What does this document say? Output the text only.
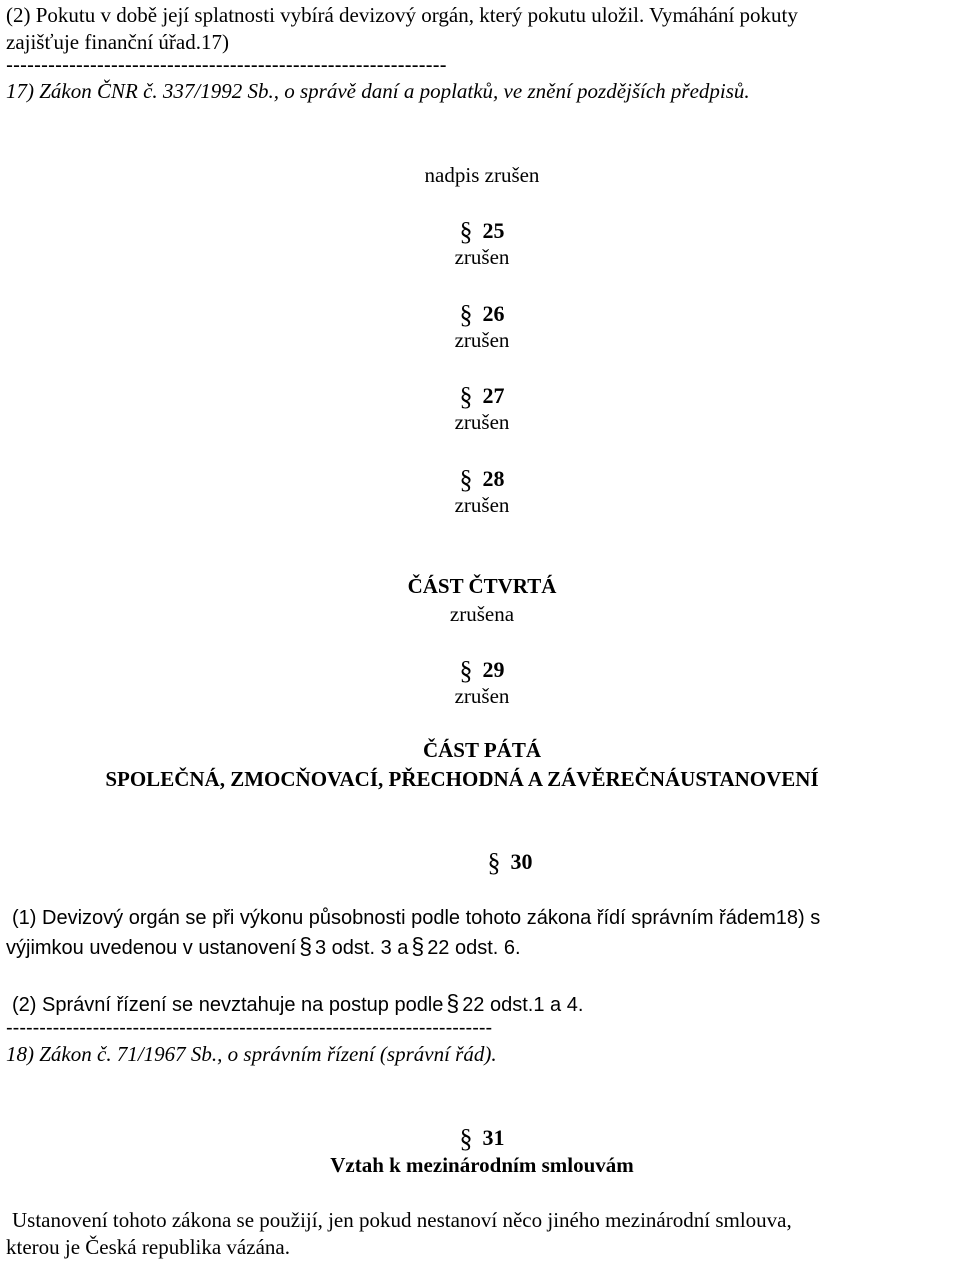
(2) Pokutu v době její splatnosti vybírá devizový orgán, který pokutu uložil. Vymáhání pokuty

zajišťuje finanční úřad.17)

---------------------------------------------------------------

17) Zákon ČNR č. 337/1992 Sb., o správě daní a poplatků, ve znění pozdějších předpisů.

nadpis zrušen

§ 25

zrušen

§ 26

zrušen

§ 27

zrušen

§ 28

zrušen

ČÁST ČTVRTÁ

zrušena

§ 29

zrušen

ČÁST PÁTÁ

SPOLEČNÁ, ZMOCŇOVACÍ, PŘECHODNÁ A ZÁVĚREČNÁUSTANOVENÍ

§ 30

(1) Devizový orgán se při výkonu působnosti podle tohoto zákona řídí správním řádem18) s

výjimkou uvedenou v ustanovení § 3 odst. 3 a § 22 odst. 6.

(2) Správní řízení se nevztahuje na postup podle § 22 odst.1 a 4.

-------------------------------------------------------------------------

18) Zákon č. 71/1967 Sb., o správním řízení (správní řád).

§ 31

Vztah k mezinárodním smlouvám

Ustanovení tohoto zákona se použijí, jen pokud nestanoví něco jiného mezinárodní smlouva,

kterou je Česká republika vázána.
